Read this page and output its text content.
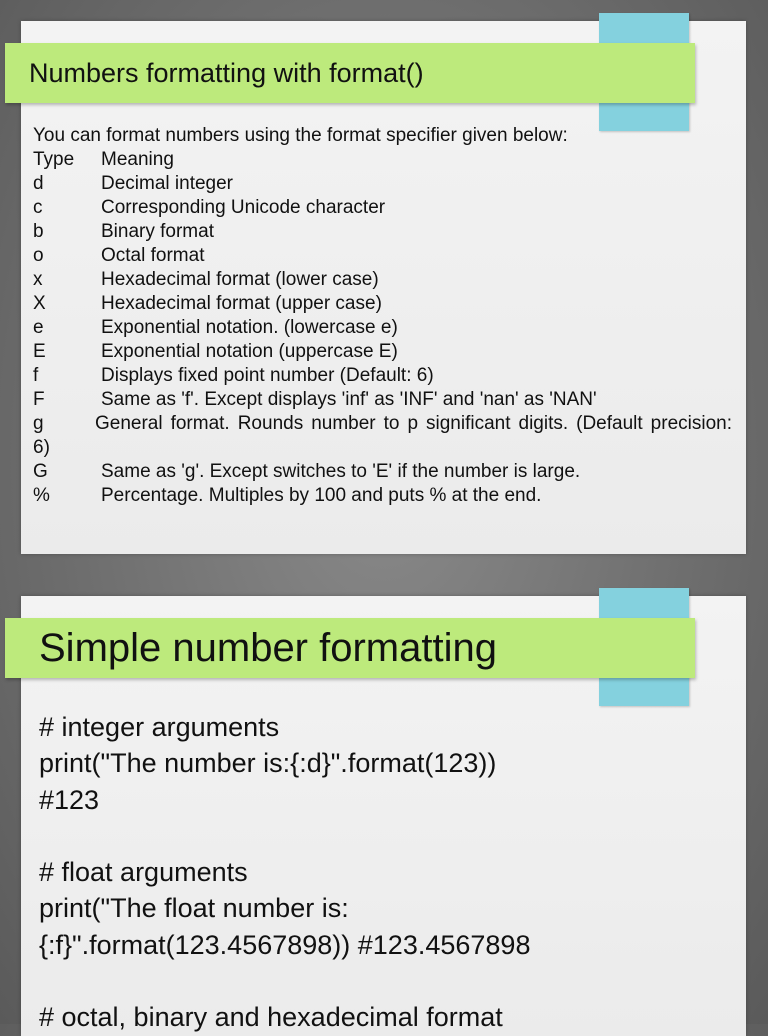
Numbers formatting with format()
You can format numbers using the format specifier given below:
Type	Meaning
d	Decimal integer
c	Corresponding Unicode character
b	Binary format
o	Octal format
x	Hexadecimal format (lower case)
X	Hexadecimal format (upper case)
e	Exponential notation. (lowercase e)
E	Exponential notation (uppercase E)
f	Displays fixed point number (Default: 6)
F	Same as 'f'. Except displays 'inf' as 'INF' and 'nan' as 'NAN'
g	General format. Rounds number to p significant digits. (Default precision: 6)
G	Same as 'g'. Except switches to 'E' if the number is large.
%	Percentage. Multiples by 100 and puts % at the end.
Simple number formatting
# integer arguments
print("The number is:{:d}".format(123))
#123
# float arguments
print("The float number is:
{:f}".format(123.4567898)) #123.4567898
# octal, binary and hexadecimal format
